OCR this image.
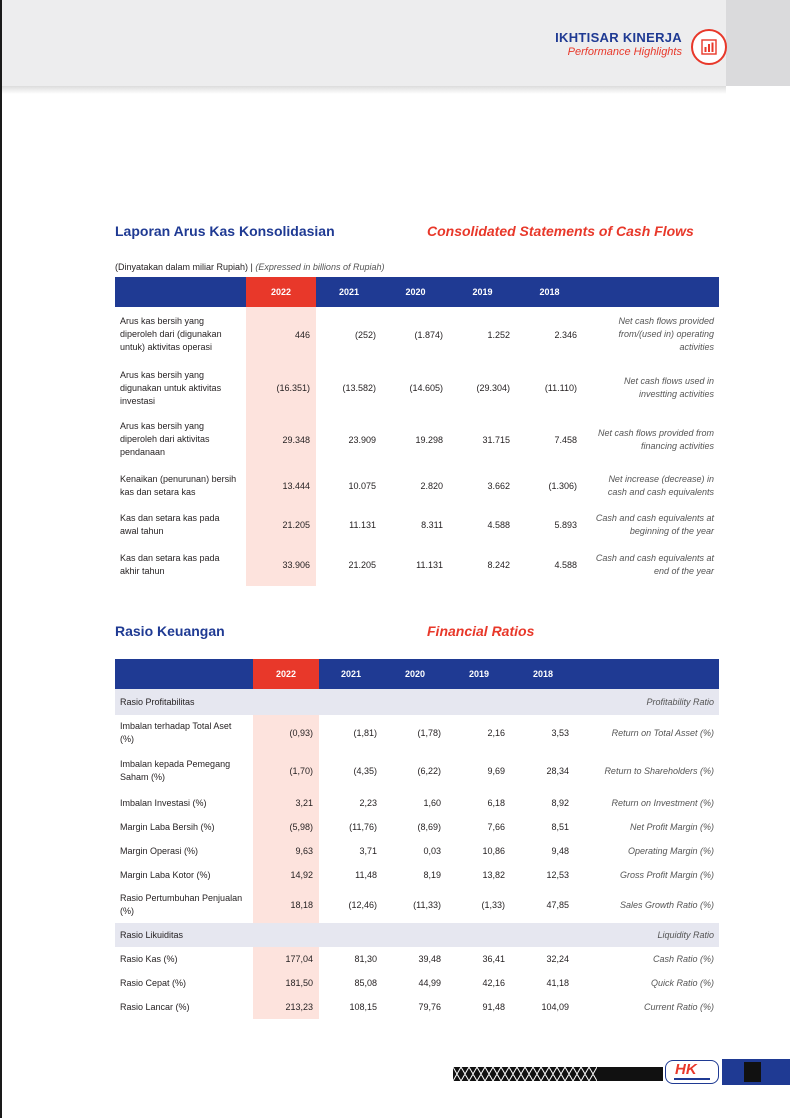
IKHTISAR KINERJA
Performance Highlights
Laporan Arus Kas Konsolidasian	Consolidated Statements of Cash Flows
(Dinyatakan dalam miliar Rupiah) | (Expressed in billions of Rupiah)
	2022	2021	2020	2019	2018	
Arus kas bersih yang diperoleh dari (digunakan untuk) aktivitas operasi	446	(252)	(1.874)	1.252	2.346	Net cash flows provided from/(used in) operating activities
Arus kas bersih yang digunakan untuk aktivitas investasi	(16.351)	(13.582)	(14.605)	(29.304)	(11.110)	Net cash flows used in investting activities
Arus kas bersih yang diperoleh dari aktivitas pendanaan	29.348	23.909	19.298	31.715	7.458	Net cash flows provided from financing activities
Kenaikan (penurunan) bersih kas dan setara kas	13.444	10.075	2.820	3.662	(1.306)	Net increase (decrease) in cash and cash equivalents
Kas dan setara kas pada awal tahun	21.205	11.131	8.311	4.588	5.893	Cash and cash equivalents at beginning of the year
Kas dan setara kas pada akhir tahun	33.906	21.205	11.131	8.242	4.588	Cash and cash equivalents at end of the year
Rasio Keuangan	Financial Ratios
	2022	2021	2020	2019	2018	
Rasio Profitabilitas						Profitability Ratio
Imbalan terhadap Total Aset (%)	(0,93)	(1,81)	(1,78)	2,16	3,53	Return on Total Asset (%)
Imbalan kepada Pemegang Saham (%)	(1,70)	(4,35)	(6,22)	9,69	28,34	Return to Shareholders (%)
Imbalan Investasi (%)	3,21	2,23	1,60	6,18	8,92	Return on Investment (%)
Margin Laba Bersih (%)	(5,98)	(11,76)	(8,69)	7,66	8,51	Net Profit Margin (%)
Margin Operasi (%)	9,63	3,71	0,03	10,86	9,48	Operating Margin (%)
Margin Laba Kotor (%)	14,92	11,48	8,19	13,82	12,53	Gross Profit Margin (%)
Rasio Pertumbuhan Penjualan (%)	18,18	(12,46)	(11,33)	(1,33)	47,85	Sales Growth Ratio (%)
Rasio Likuiditas						Liquidity Ratio
Rasio Kas (%)	177,04	81,30	39,48	36,41	32,24	Cash Ratio (%)
Rasio Cepat (%)	181,50	85,08	44,99	42,16	41,18	Quick Ratio (%)
Rasio Lancar (%)	213,23	108,15	79,76	91,48	104,09	Current Ratio (%)
HK
